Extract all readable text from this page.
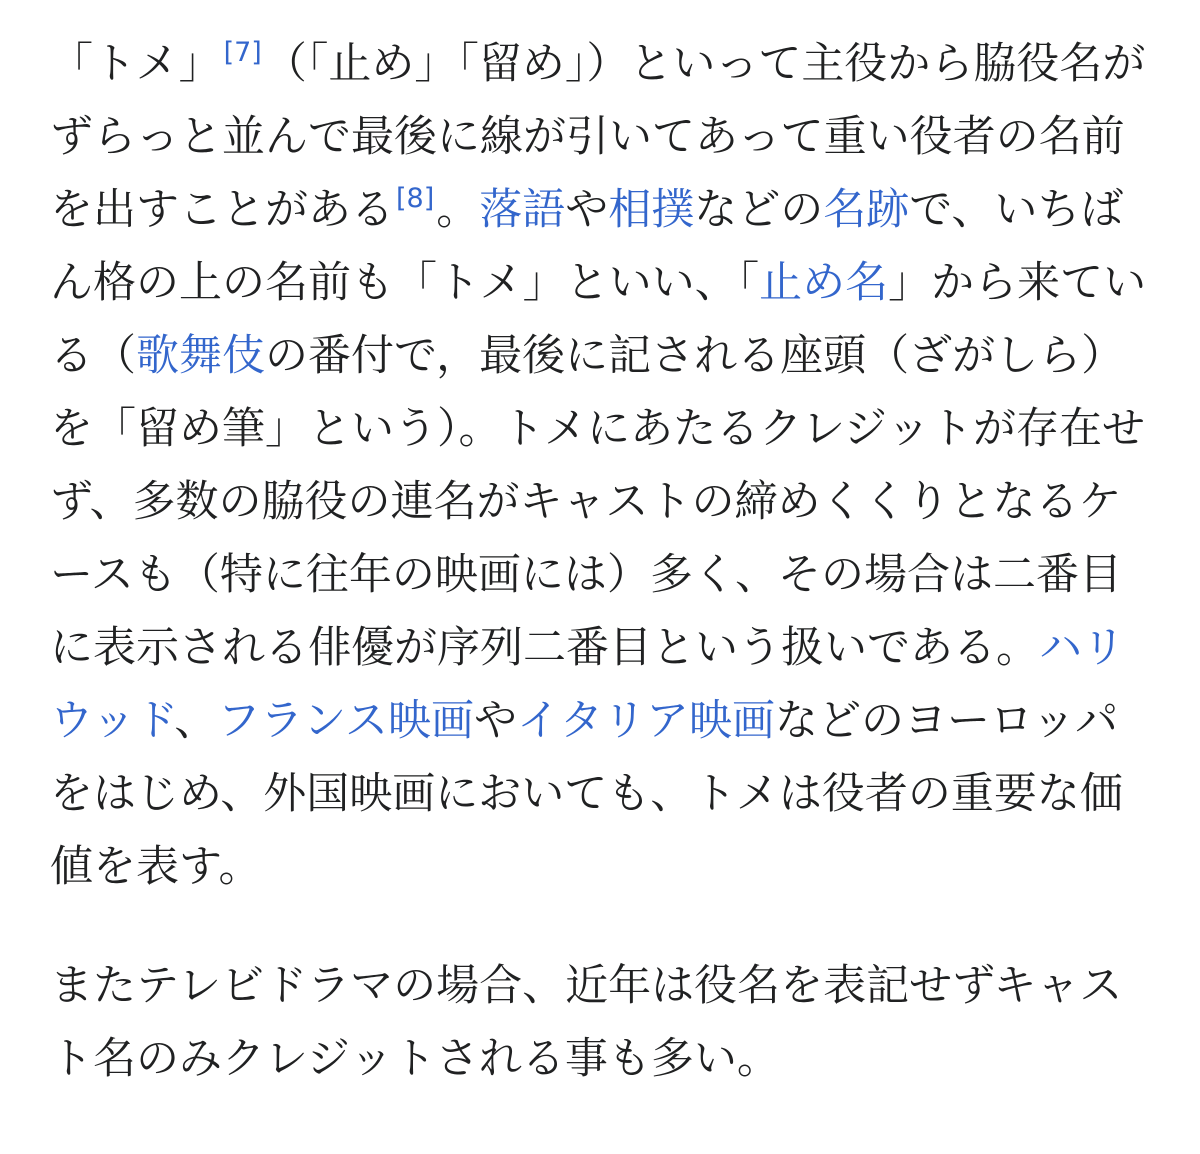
「トメ」[7]（「止め」「留め」）といって主役から脇役名がずらっと並んで最後に線が引いてあって重い役者の名前を出すことがある[8]。落語や相撲などの名跡で、いちばん格の上の名前も「トメ」といい、「止め名」から来ている（歌舞伎の番付で，最後に記される座頭（ざがしら）を「留め筆」という）。トメにあたるクレジットが存在せず、多数の脇役の連名がキャストの締めくくりとなるケースも（特に往年の映画には）多く、その場合は二番目に表示される俳優が序列二番目という扱いである。ハリウッド、フランス映画やイタリア映画などのヨーロッパをはじめ、外国映画においても、トメは役者の重要な価値を表す。

またテレビドラマの場合、近年は役名を表記せずキャスト名のみクレジットされる事も多い。
